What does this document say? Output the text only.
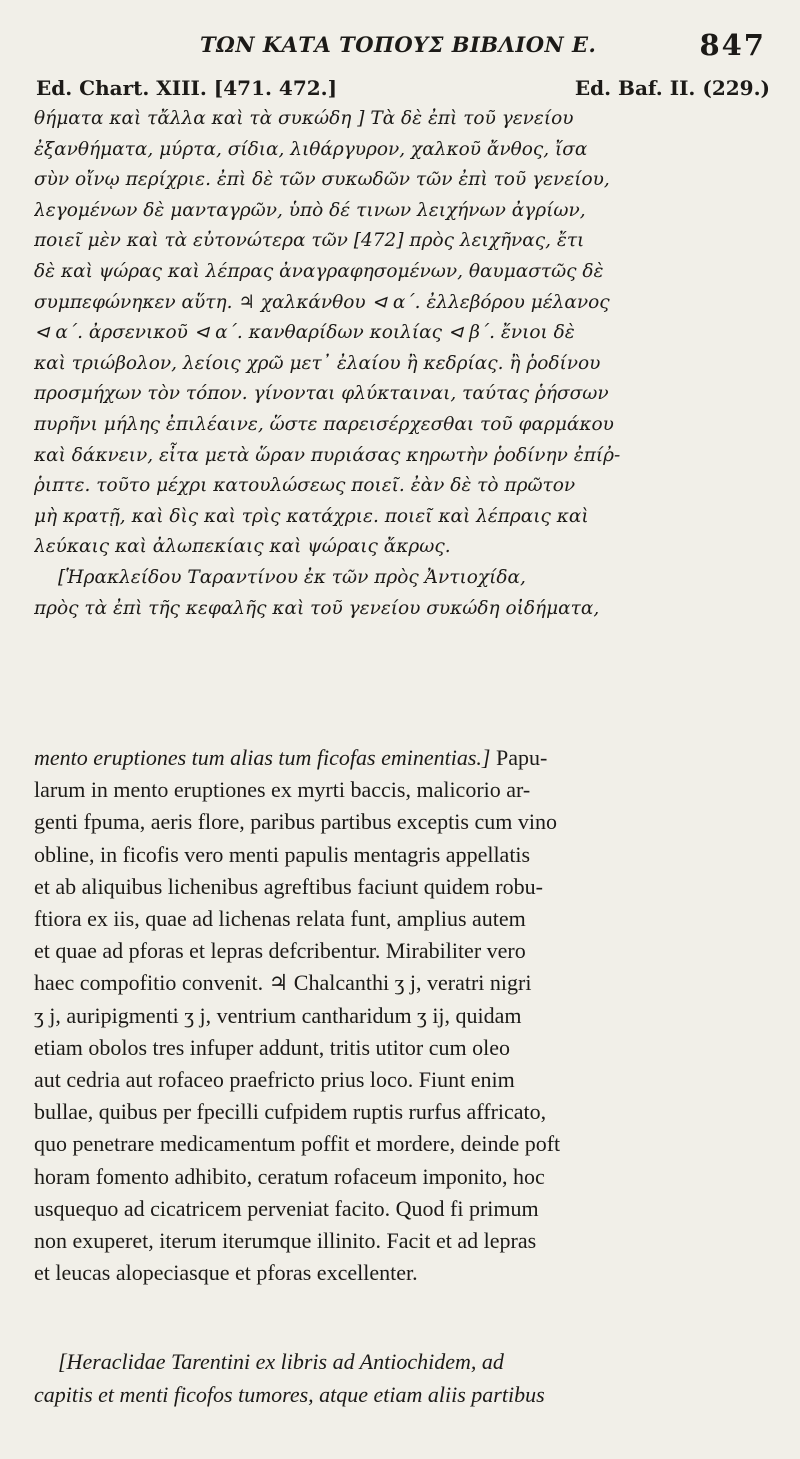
ΤΩΝ ΚΑΤΑ ΤΟΠΟΥΣ ΒΙΒΛΙΟΝ Ε.	847
Ed. Chart. XIII. [471. 472.]	Ed. Baf. II. (229.)
θήματα καὶ τἄλλα καὶ τὰ συκώδη ] Τὰ δὲ ἐπὶ τοῦ γενείου
ἐξανθήματα, μύρτα, σίδια, λιθάργυρον, χαλκοῦ ἄνθος, ἴσα
σὺν οἴνῳ περίχριε. ἐπὶ δὲ τῶν συκωδῶν τῶν ἐπὶ τοῦ γενείου,
λεγομένων δὲ μανταγρῶν, ὑπὸ δέ τινων λειχήνων ἀγρίων,
ποιεῖ μὲν καὶ τὰ εὐτονώτερα τῶν [472] πρὸς λειχῆνας, ἔτι
δὲ καὶ ψώρας καὶ λέπρας ἀναγραφησομένων, θαυμαστῶς δὲ
συμπεφώνηκεν αὕτη. ♃ χαλκάνθου ⊲ α΄. ἐλλεβόρου μέλανος
⊲ α΄. ἀρσενικοῦ ⊲ α΄. κανθαρίδων κοιλίας ⊲ β΄. ἔνιοι δὲ
καὶ τριώβολον, λείοις χρῶ μετ᾽ ἐλαίου ἢ κεδρίας. ἢ ῥοδίνου
προσμήχων τὸν τόπον. γίνονται φλύκταιναι, ταύτας ῥήσσων
πυρῆνι μήλης ἐπιλέαινε, ὥστε παρεισέρχεσθαι τοῦ φαρμάκου
καὶ δάκνειν, εἶτα μετὰ ὥραν πυριάσας κηρωτὴν ῥοδίνην ἐπίῤ-
ῥιπτε. τοῦτο μέχρι κατουλώσεως ποιεῖ. ἐὰν δὲ τὸ πρῶτον
μὴ κρατῇ, καὶ δὶς καὶ τρὶς κατάχριε. ποιεῖ καὶ λέπραις καὶ
λεύκαις καὶ ἀλωπεκίαις καὶ ψώραις ἄκρως.
[Ἡρακλείδου Ταραντίνου ἐκ τῶν πρὸς Ἀντιοχίδα,
πρὸς τὰ ἐπὶ τῆς κεφαλῆς καὶ τοῦ γενείου συκώδη οἰδήματα,
mento eruptiones tum alias tum ficofas eminentias.] Papu-
larum in mento eruptiones ex myrti baccis, malicorio ar-
genti fpuma, aeris flore, paribus partibus exceptis cum vino
obline, in ficofis vero menti papulis mentagris appellatis
et ab aliquibus lichenibus agreftibus faciunt quidem robu-
ftiora ex iis, quae ad lichenas relata funt, amplius autem
et quae ad pforas et lepras defcribentur. Mirabiliter vero
haec compofitio convenit. ♃ Chalcanthi ʒ j, veratri nigri
ʒ j, auripigmenti ʒ j, ventrium cantharidum ʒ ij, quidam
etiam obolos tres infuper addunt, tritis utitor cum oleo
aut cedria aut rofaceo praefricto prius loco. Fiunt enim
bullae, quibus per fpecilli cufpidem ruptis rurfus affricato,
quo penetrare medicamentum poffit et mordere, deinde poft
horam fomento adhibito, ceratum rofaceum imponito, hoc
usquequo ad cicatricem perveniat facito. Quod fi primum
non exuperet, iterum iterumque illinito. Facit et ad lepras
et leucas alopeciasque et pforas excellenter.
[Heraclidae Tarentini ex libris ad Antiochidem, ad
capitis et menti ficofos tumores, atque etiam aliis partibus
